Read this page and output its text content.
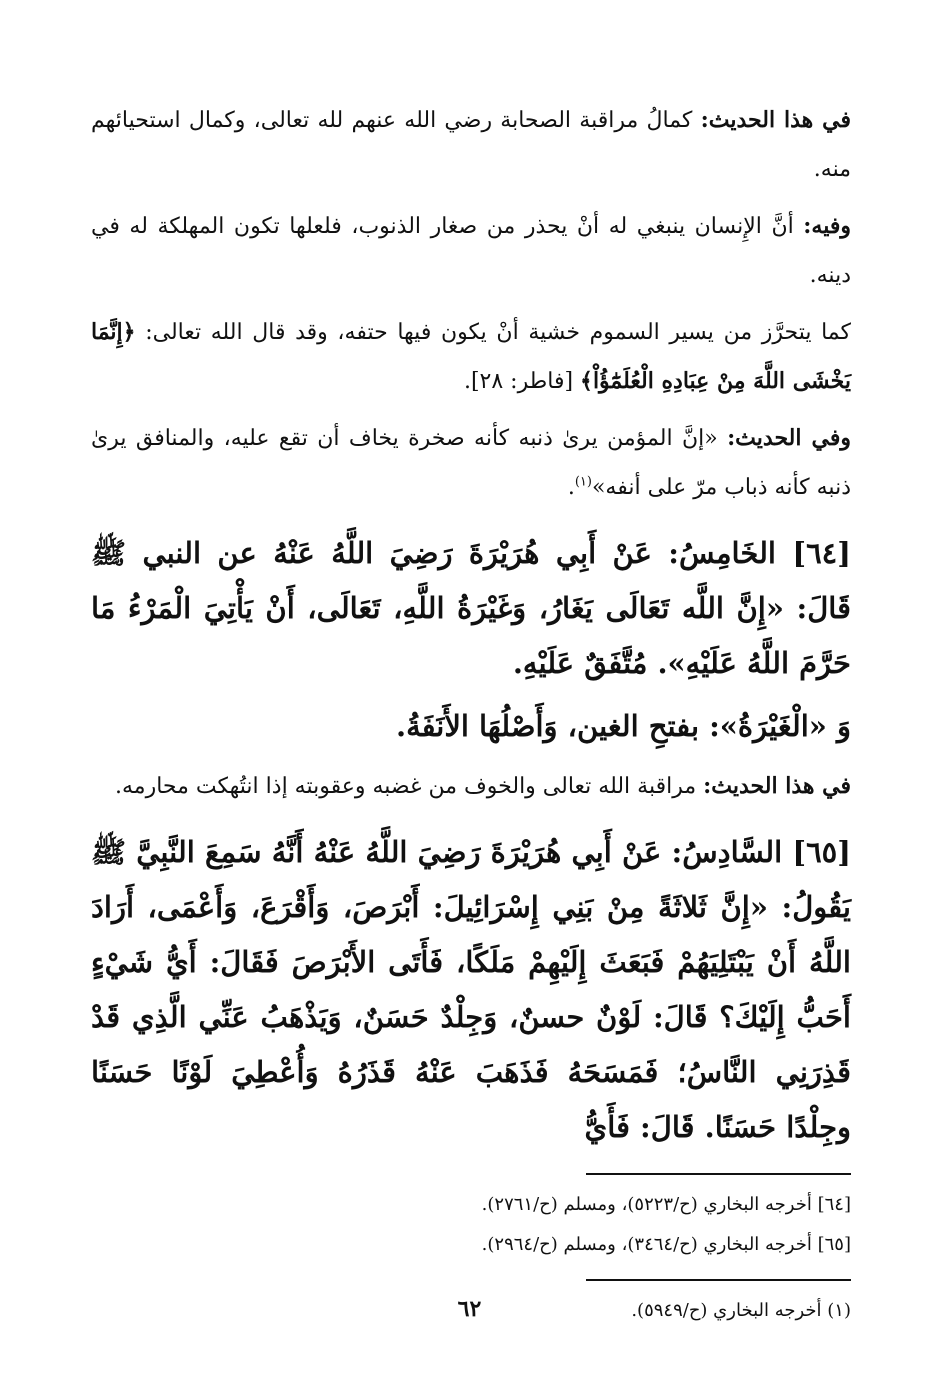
في هذا الحديث: كمالُ مراقبة الصحابة رضي الله عنهم لله تعالى، وكمال استحيائهم منه.

وفيه: أنَّ الإِنسان ينبغي له أنْ يحذر من صغار الذنوب، فلعلها تكون المهلكة له في دينه.

كما يتحرَّز من يسير السموم خشية أنْ يكون فيها حتفه، وقد قال الله تعالى: ﴿إِنَّمَا يَخْشَى اللَّهَ مِنْ عِبَادِهِ الْعُلَمَٰٓؤُاْ﴾ [فاطر: ٢٨].

وفي الحديث: «إنَّ المؤمن يرىٰ ذنبه كأنه صخرة يخاف أن تقع عليه، والمنافق يرىٰ ذنبه كأنه ذباب مرّ على أنفه»$^{(١)}$.

[٦٤] الخَامِسُ: عَنْ أَبِي هُرَيْرَةَ رَضِيَ اللَّهُ عَنْهُ عن النبي ﷺ قَالَ: «إِنَّ اللَّه تَعَالَى يَغَارُ، وَغَيْرَةُ اللَّهِ، تَعَالَى، أَنْ يَأْتِيَ الْمَرْءُ مَا حَرَّمَ اللَّهُ عَلَيْهِ». مُتَّفَقٌ عَلَيْهِ.

وَ «الْغَيْرَةُ»: بفتحِ الغين، وَأَصْلُهَا الأَنَفَةُ.

في هذا الحديث: مراقبة الله تعالى والخوف من غضبه وعقوبته إذا انتُهكت محارمه.

[٦٥] السَّادِسُ: عَنْ أَبِي هُرَيْرَةَ رَضِيَ اللَّهُ عَنْهُ أَنَّهُ سَمِعَ النَّبِيَّ ﷺ يَقُولُ: «إِنَّ ثَلاثَةً مِنْ بَنِي إِسْرَائِيلَ: أَبْرَصَ، وَأَقْرَعَ، وَأَعْمَى، أَرَادَ اللَّهُ أَنْ يَبْتَلِيَهُمْ فَبَعَثَ إِلَيْهِمْ مَلَكًا، فَأَتَى الأَبْرَصَ فَقَالَ: أَيُّ شَيْءٍ أَحَبُّ إِلَيْكَ؟ قَالَ: لَوْنٌ حسنٌ، وَجِلْدٌ حَسَنٌ، وَيَذْهَبُ عَنِّي الَّذِي قَدْ قَذِرَنِي النَّاسُ؛ فَمَسَحَهُ فَذَهَبَ عَنْهُ قَذَرُهُ وَأُعْطِيَ لَوْنًا حَسَنًا وجِلْدًا حَسَنًا. قَالَ: فَأَيُّ

[٦٤] أخرجه البخاري (ح/٥٢٢٣)، ومسلم (ح/٢٧٦١).

[٦٥] أخرجه البخاري (ح/٣٤٦٤)، ومسلم (ح/٢٩٦٤).

(١) أخرجه البخاري (ح/٥٩٤٩).

٦٢
